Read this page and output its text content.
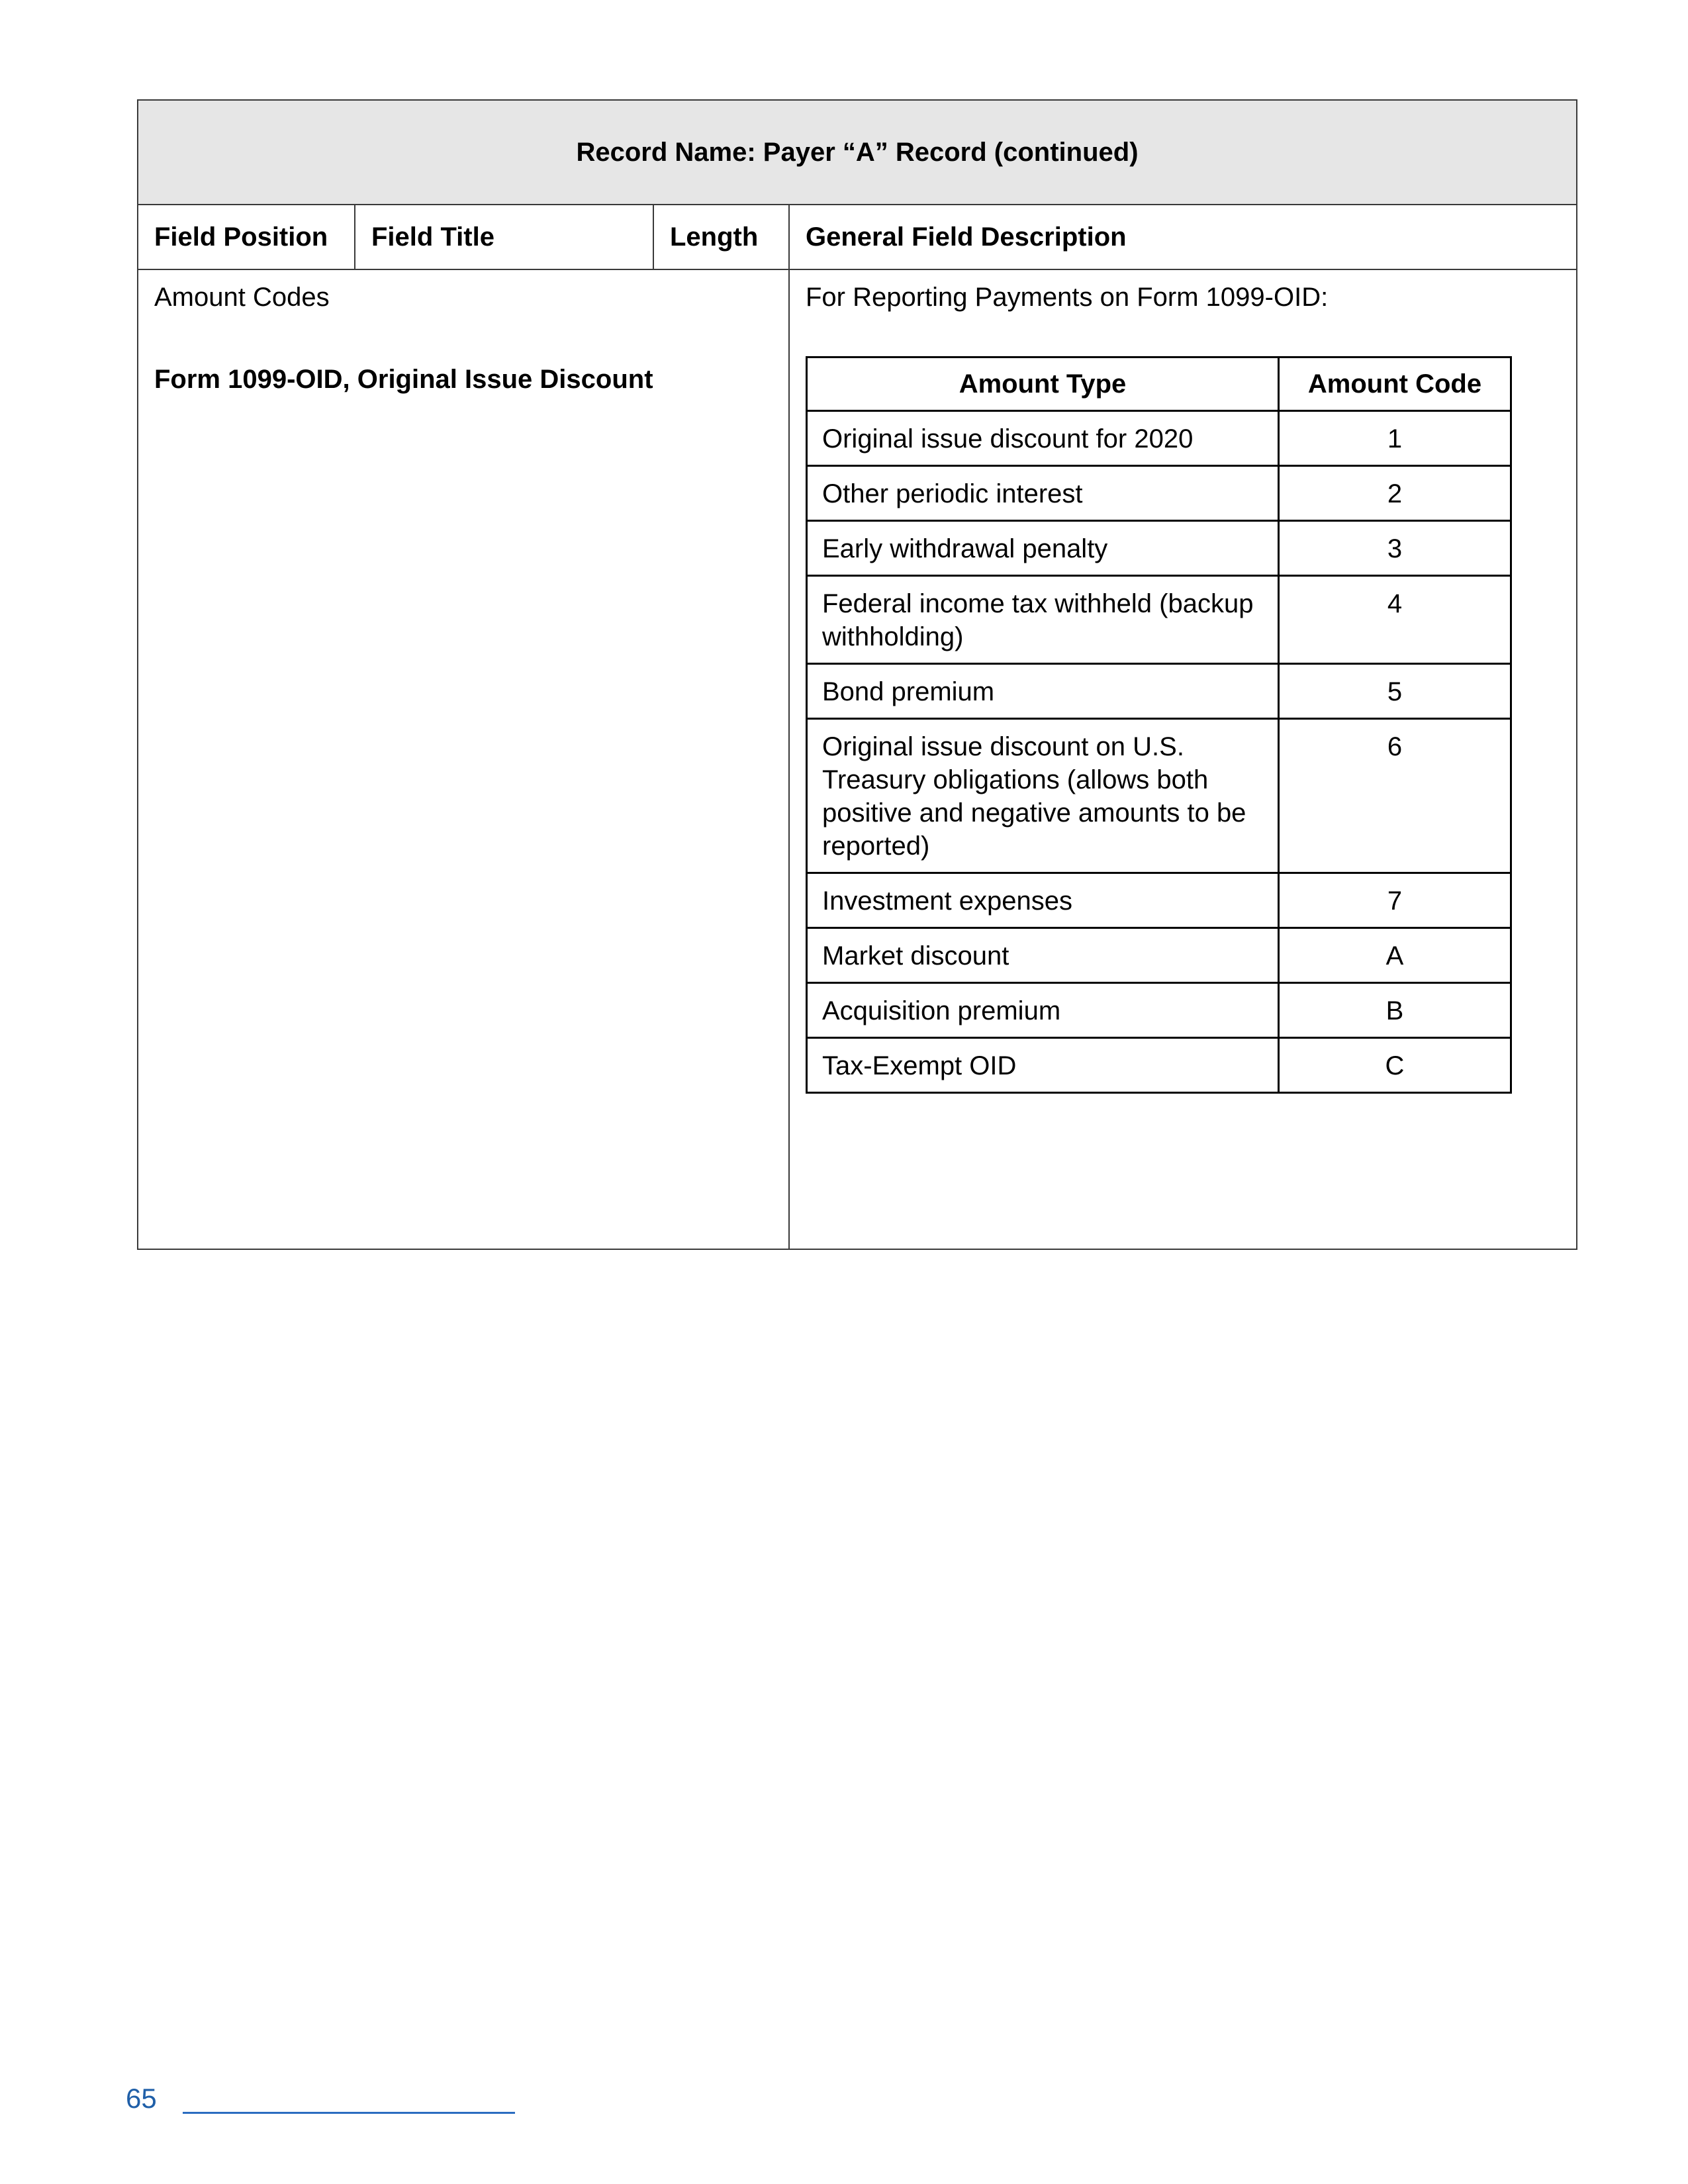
Record Name: Payer “A” Record (continued)
Field Position	Field Title	Length	General Field Description

Amount Codes
Form 1099-OID, Original Issue Discount

For Reporting Payments on Form 1099-OID:
Amount Type	Amount Code
Original issue discount for 2020	1
Other periodic interest	2
Early withdrawal penalty	3
Federal income tax withheld (backup withholding)	4
Bond premium	5
Original issue discount on U.S. Treasury obligations (allows both positive and negative amounts to be reported)	6
Investment expenses	7
Market discount	A
Acquisition premium	B
Tax-Exempt OID	C
65
